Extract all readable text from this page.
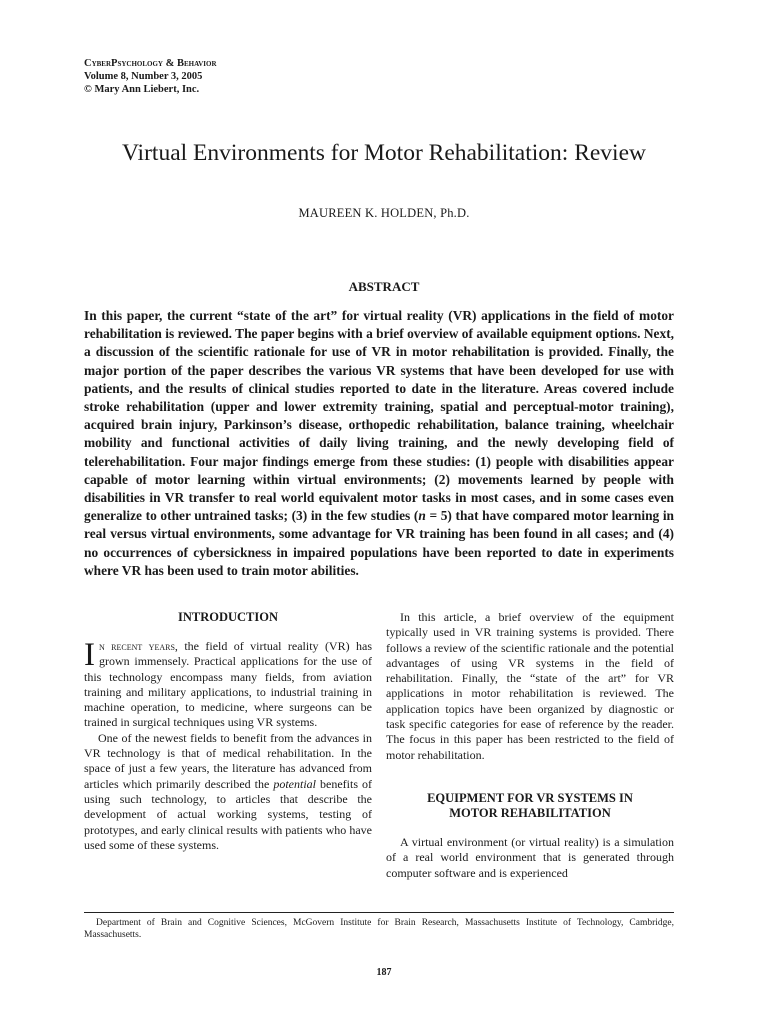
CyberPsychology & Behavior
Volume 8, Number 3, 2005
© Mary Ann Liebert, Inc.
Virtual Environments for Motor Rehabilitation: Review
MAUREEN K. HOLDEN, Ph.D.
ABSTRACT
In this paper, the current “state of the art” for virtual reality (VR) applications in the field of motor rehabilitation is reviewed. The paper begins with a brief overview of available equipment options. Next, a discussion of the scientific rationale for use of VR in motor rehabilitation is provided. Finally, the major portion of the paper describes the various VR systems that have been developed for use with patients, and the results of clinical studies reported to date in the literature. Areas covered include stroke rehabilitation (upper and lower extremity training, spatial and perceptual-motor training), acquired brain injury, Parkinson’s disease, orthopedic rehabilitation, balance training, wheelchair mobility and functional activities of daily living training, and the newly developing field of telerehabilitation. Four major findings emerge from these studies: (1) people with disabilities appear capable of motor learning within virtual environments; (2) movements learned by people with disabilities in VR transfer to real world equivalent motor tasks in most cases, and in some cases even generalize to other untrained tasks; (3) in the few studies (n = 5) that have compared motor learning in real versus virtual environments, some advantage for VR training has been found in all cases; and (4) no occurrences of cybersickness in impaired populations have been reported to date in experiments where VR has been used to train motor abilities.
INTRODUCTION

In recent years, the field of virtual reality (VR) has grown immensely. Practical applications for the use of this technology encompass many fields, from aviation training and military applications, to industrial training in machine operation, to medicine, where surgeons can be trained in surgical techniques using VR systems.

One of the newest fields to benefit from the advances in VR technology is that of medical rehabilitation. In the space of just a few years, the literature has advanced from articles which primarily described the potential benefits of using such technology, to articles that describe the development of actual working systems, testing of prototypes, and early clinical results with patients who have used some of these systems.

In this article, a brief overview of the equipment typically used in VR training systems is provided. There follows a review of the scientific rationale and the potential advantages of using VR systems in the field of rehabilitation. Finally, the “state of the art” for VR applications in motor rehabilitation is reviewed. The application topics have been organized by diagnostic or task specific categories for ease of reference by the reader. The focus in this paper has been restricted to the field of motor rehabilitation.

EQUIPMENT FOR VR SYSTEMS IN
MOTOR REHABILITATION

A virtual environment (or virtual reality) is a simulation of a real world environment that is generated through computer software and is experienced

Department of Brain and Cognitive Sciences, McGovern Institute for Brain Research, Massachusetts Institute of Technology, Cambridge, Massachusetts.
187
